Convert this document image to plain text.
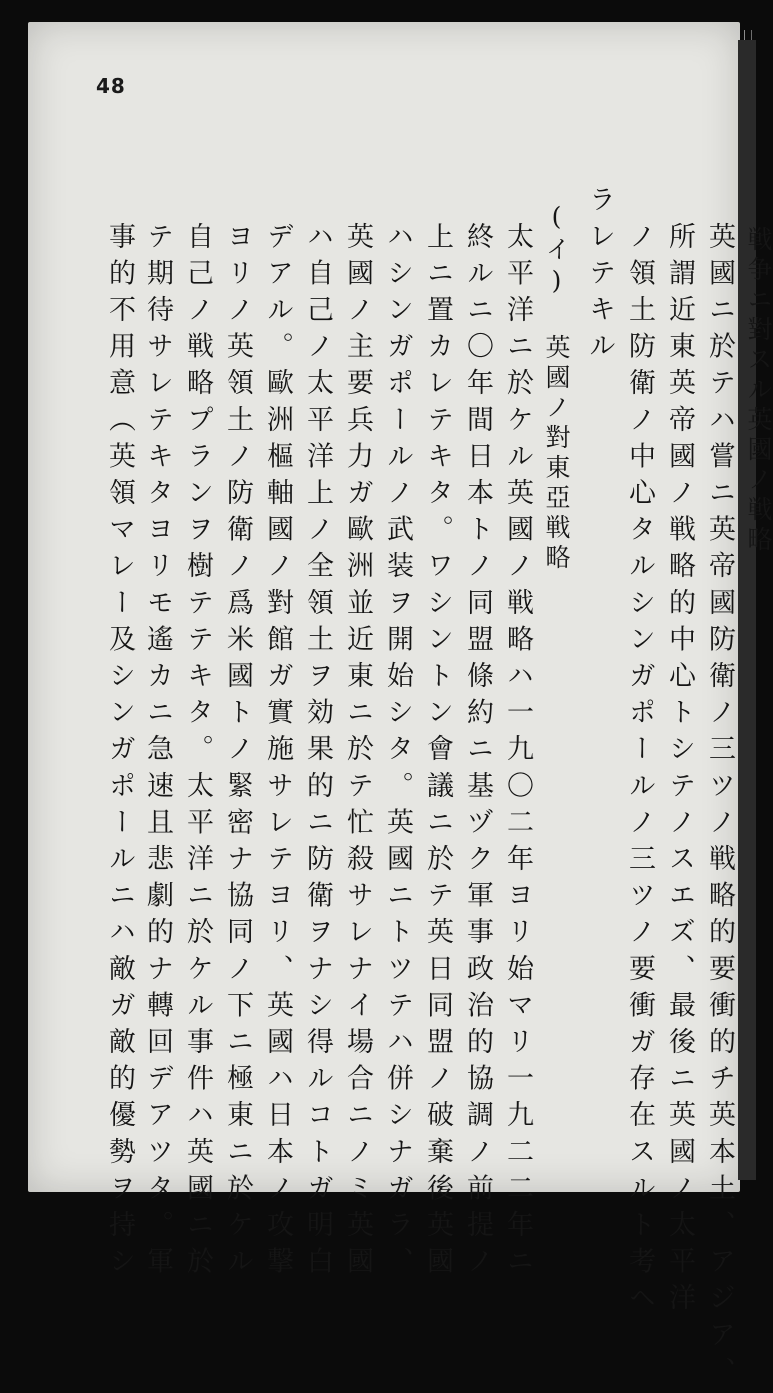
48
戦争ニ對スル英國ノ戦略
英國ニ於テハ嘗ニ英帝國防衛ノ三ツノ戦略的要衝的チ英本土、アジア、
所謂近東英帝國ノ戦略的中心トシテノスエズ、最後ニ英國ノ太平洋
ノ領土防衛ノ中心タルシンガポールノ三ツノ要衝ガ存在スルト考ヘ
ラレテキル
(イ) 英國ノ對東亞戦略
太平洋ニ於ケル英國ノ戦略ハ一九〇二年ヨリ始マリ一九二二年ニ
終ルニ〇年間日本トノ同盟條約ニ基ヅク軍事政治的協調ノ前提ノ
上ニ置カレテキタ。ワシントン會議ニ於テ英日同盟ノ破棄後英國
ハシンガポールノ武装ヲ開始シタ。英國ニトツテハ併シナガラ、
英國ノ主要兵力ガ歐洲並近東ニ於テ忙殺サレナイ場合ニノミ英國
ハ自己ノ太平洋上ノ全領土ヲ効果的ニ防衛ヲナシ得ルコトガ明白
デアル。歐洲樞軸國ノ對館ガ實施サレテヨリ、英國ハ日本ノ攻撃
ヨリノ英領土ノ防衛ノ爲米國トノ緊密ナ協同ノ下ニ極東ニ於ケル
自己ノ戦略プランヲ樹テテキタ。太平洋ニ於ケル事件ハ英國ニ於
テ期待サレテキタヨリモ遙カニ急速且悲劇的ナ轉回デアツタ。軍
事的不用意（英領マレー及シンガポールニハ敵ガ敵的優勢ヲ持シ
